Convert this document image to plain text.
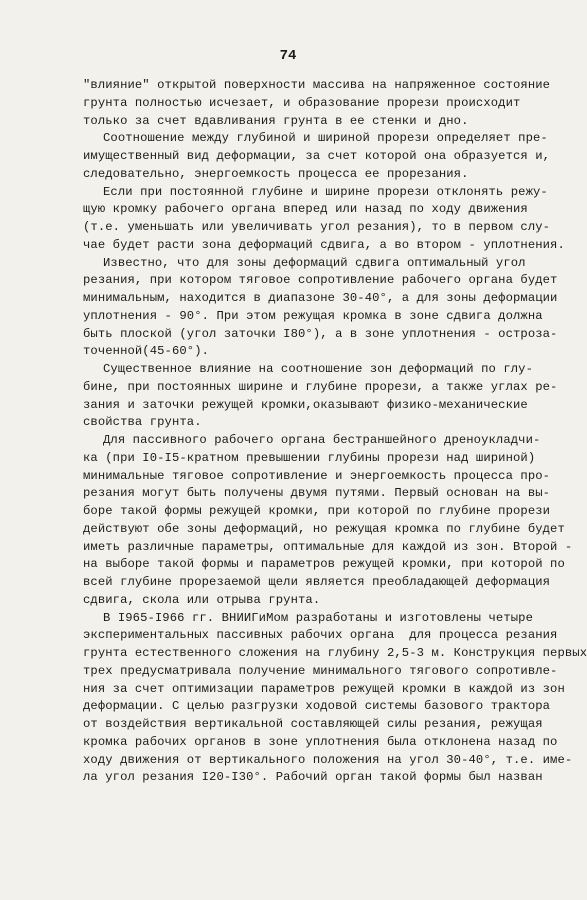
74
"влияние" открытой поверхности массива на напряженное состояние
грунта полностью исчезает, и образование прорези происходит
только за счет вдавливания грунта в ее стенки и дно.
Соотношение между глубиной и шириной прорези определяет пре-
имущественный вид деформации, за счет которой она образуется и,
следовательно, энергоемкость процесса ее прорезания.
Если при постоянной глубине и ширине прорези отклонять режу-
щую кромку рабочего органа вперед или назад по ходу движения
(т.е. уменьшать или увеличивать угол резания), то в первом слу-
чае будет расти зона деформаций сдвига, а во втором - уплотнения.
Известно, что для зоны деформаций сдвига оптимальный угол
резания, при котором тяговое сопротивление рабочего органа будет
минимальным, находится в диапазоне 30-40°, а для зоны деформации
уплотнения - 90°. При этом режущая кромка в зоне сдвига должна
быть плоской (угол заточки I80°), а в зоне уплотнения - остроза-
точенной(45-60°).
Существенное влияние на соотношение зон деформаций по глу-
бине, при постоянных ширине и глубине прорези, а также углах ре-
зания и заточки режущей кромки,оказывают физико-механические
свойства грунта.
Для пассивного рабочего органа бестраншейного дреноукладчи-
ка (при I0-I5-кратном превышении глубины прорези над шириной)
минимальные тяговое сопротивление и энергоемкость процесса про-
резания могут быть получены двумя путями. Первый основан на вы-
боре такой формы режущей кромки, при которой по глубине прорези
действуют обе зоны деформаций, но режущая кромка по глубине будет
иметь различные параметры, оптимальные для каждой из зон. Второй -
на выборе такой формы и параметров режущей кромки, при которой по
всей глубине прорезаемой щели является преобладающей деформация
сдвига, скола или отрыва грунта.
В I965-I966 гг. ВНИИГиМом разработаны и изготовлены четыре
экспериментальных пассивных рабочих органа  для процесса резания
грунта естественного сложения на глубину 2,5-3 м. Конструкция первых
трех предусматривала получение минимального тягового сопротивле-
ния за счет оптимизации параметров режущей кромки в каждой из зон
деформации. С целью разгрузки ходовой системы базового трактора
от воздействия вертикальной составляющей силы резания, режущая
кромка рабочих органов в зоне уплотнения была отклонена назад по
ходу движения от вертикального положения на угол 30-40°, т.е. име-
ла угол резания I20-I30°. Рабочий орган такой формы был назван
